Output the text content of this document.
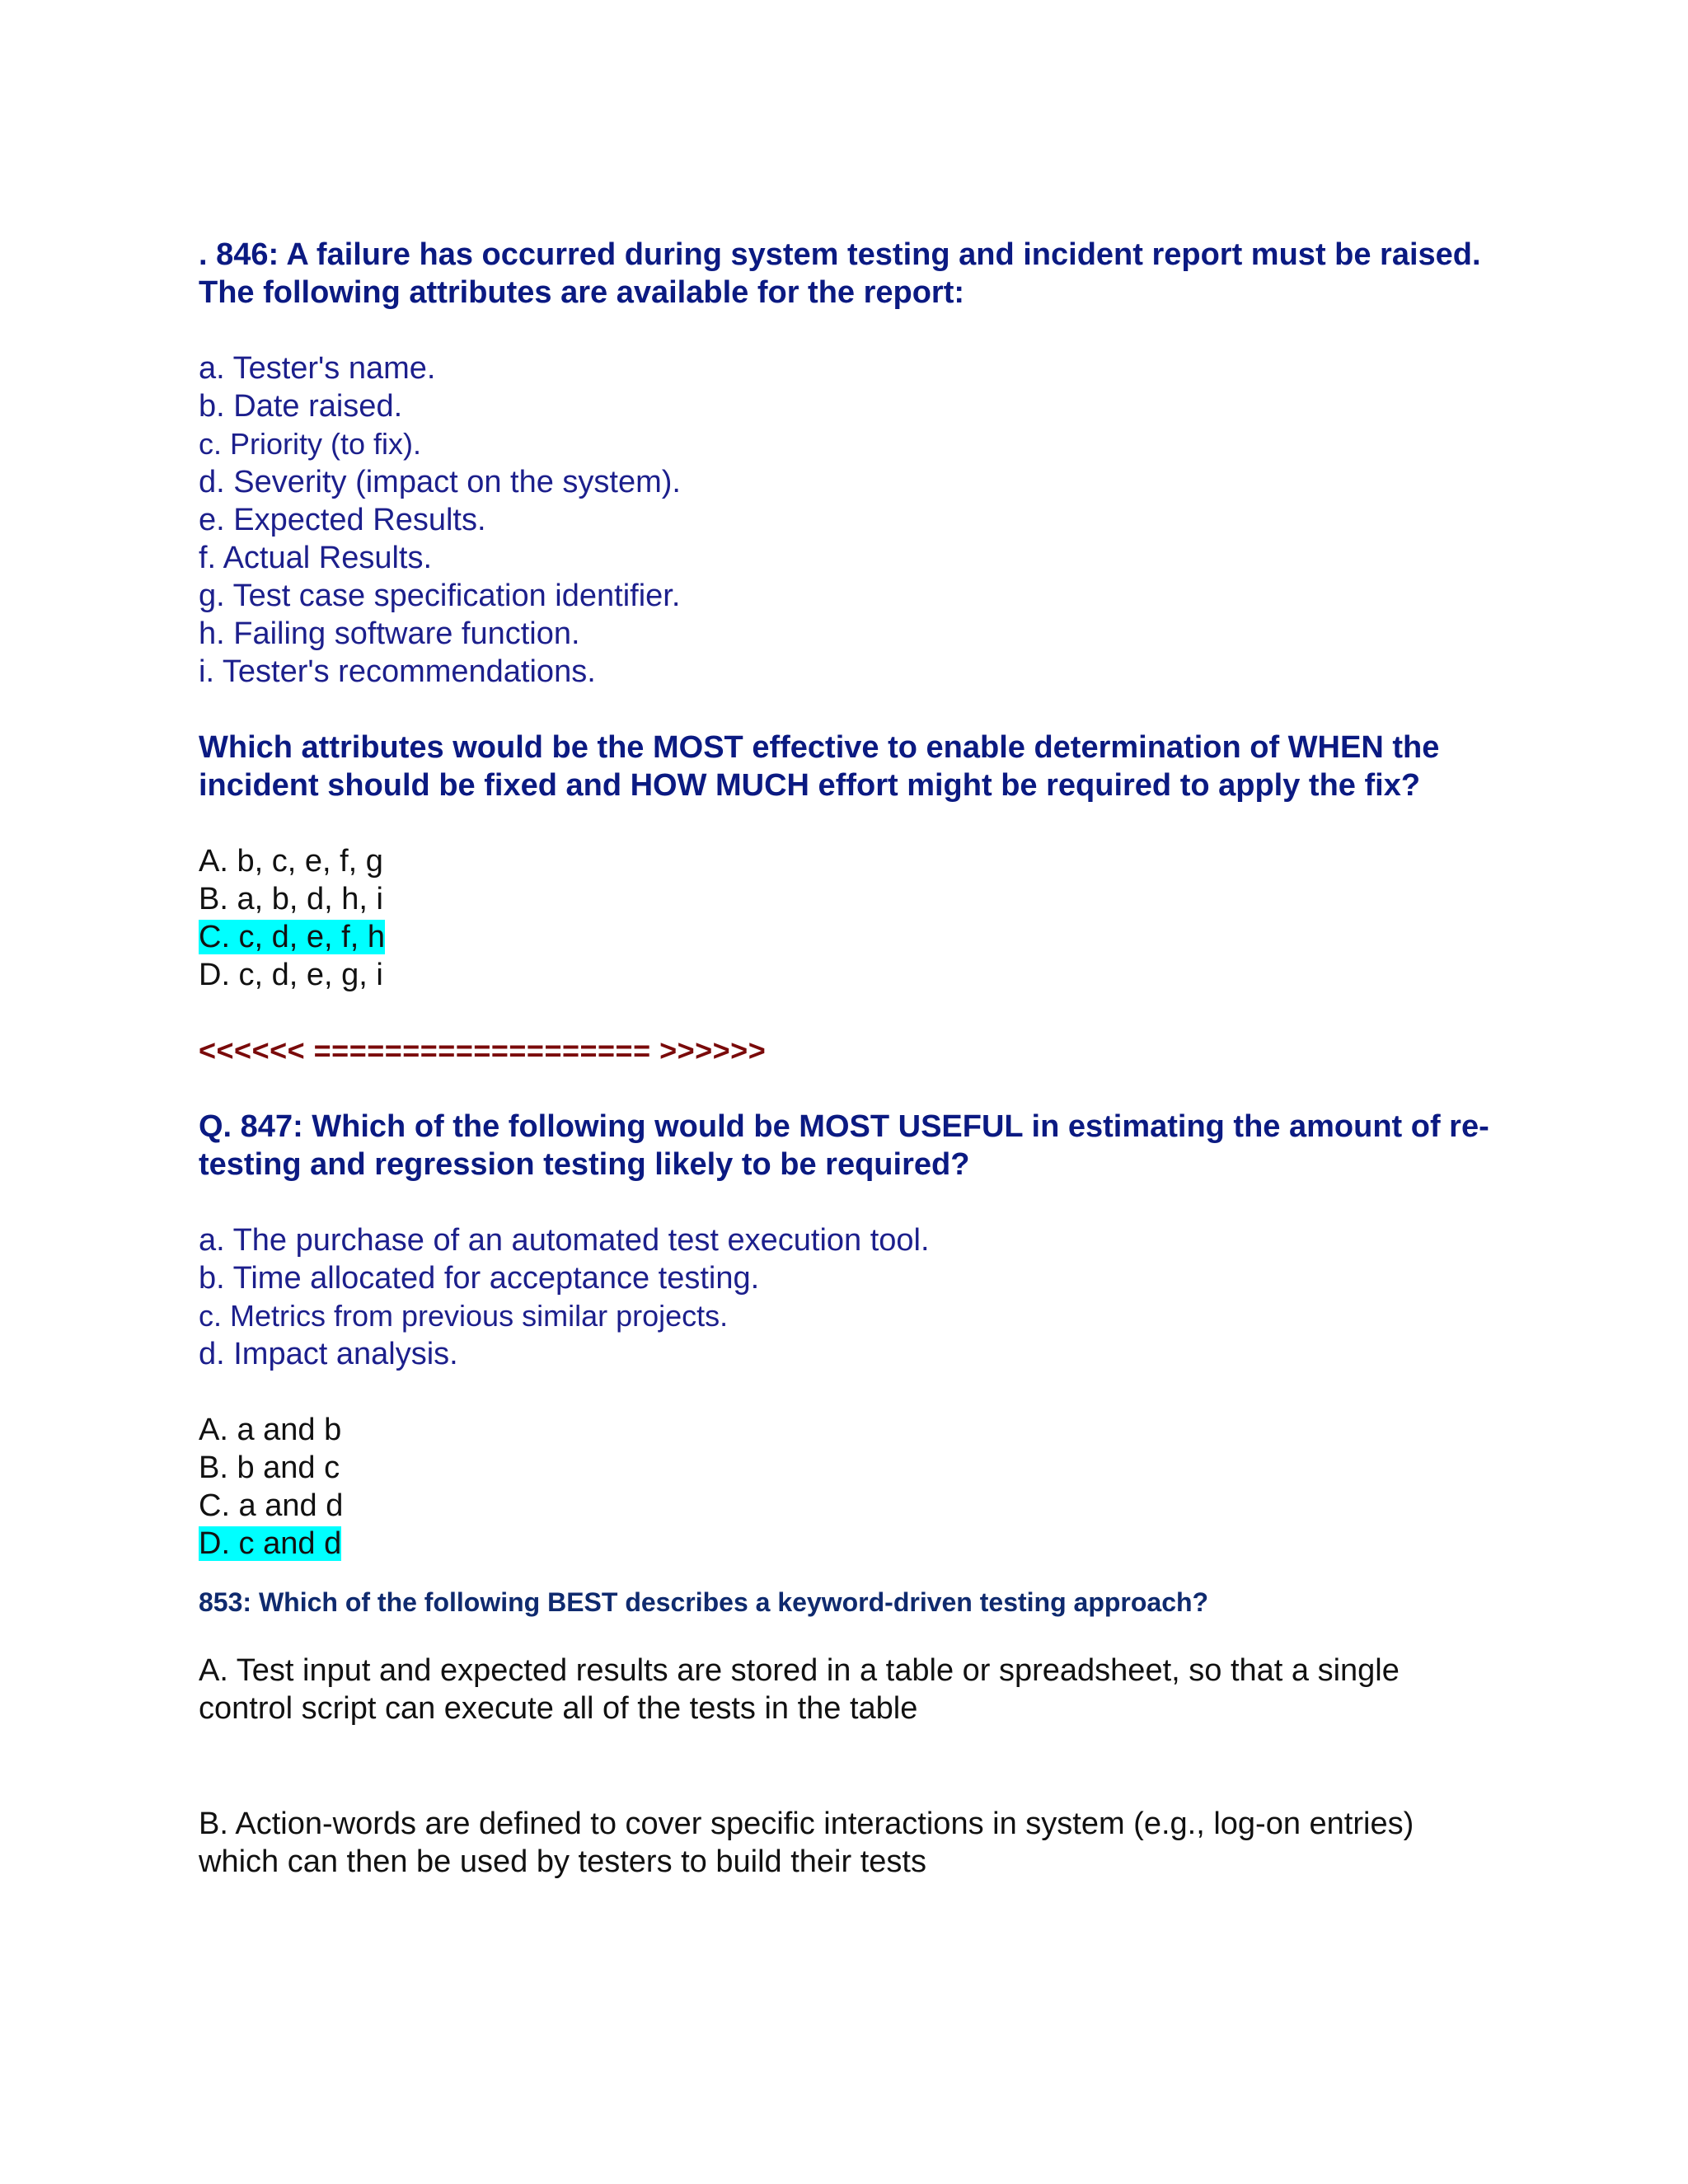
. 846: A failure has occurred during system testing and incident report must be raised. The following attributes are available for the report:

a. Tester's name.
b. Date raised.
c. Priority (to fix).
d. Severity (impact on the system).
e. Expected Results.
f. Actual Results.
g. Test case specification identifier.
h. Failing software function.
i. Tester's recommendations.

Which attributes would be the MOST effective to enable determination of WHEN the incident should be fixed and HOW MUCH effort might be required to apply the fix?

A. b, c, e, f, g
B. a, b, d, h, i
C. c, d, e, f, h
D. c, d, e, g, i
<<<<<< =================== >>>>>>

Q. 847: Which of the following would be MOST USEFUL in estimating the amount of re-testing and regression testing likely to be required?

a. The purchase of an automated test execution tool.
b. Time allocated for acceptance testing.
c. Metrics from previous similar projects.
d. Impact analysis.
A. a and b
B. b and c
C. a and d
D. c and d
853: Which of the following BEST describes a keyword-driven testing approach?

A. Test input and expected results are stored in a table or spreadsheet, so that a single control script can execute all of the tests in the table

B. Action-words are defined to cover specific interactions in system (e.g., log-on entries) which can then be used by testers to build their tests
